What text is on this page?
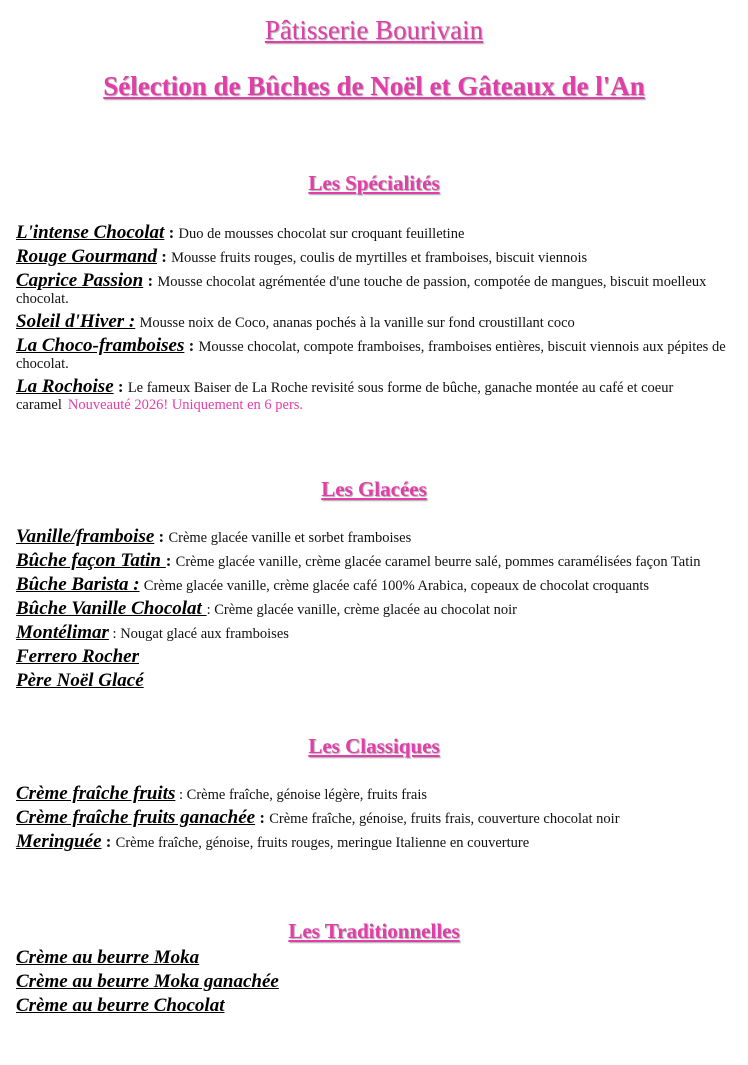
Pâtisserie Bourivain
Sélection de Bûches de Noël et Gâteaux de l'An
Les Spécialités

L'intense Chocolat : Duo de mousses chocolat sur croquant feuilletine

Rouge Gourmand : Mousse fruits rouges, coulis de myrtilles et framboises, biscuit viennois

Caprice Passion : Mousse chocolat agrémentée d'une touche de passion, compotée de mangues, biscuit moelleux chocolat.

Soleil d'Hiver : Mousse noix de Coco, ananas pochés à la vanille sur fond croustillant coco

La Choco-framboises : Mousse chocolat, compote framboises, framboises entières, biscuit viennois aux pépites de chocolat.

La Rochoise : Le fameux Baiser de La Roche revisité sous forme de bûche, ganache montée au café et coeur caramel Nouveauté 2026! Uniquement en 6 pers.

Les Glacées

Vanille/framboise : Crème glacée vanille et sorbet framboises

Bûche façon Tatin : Crème glacée vanille, crème glacée caramel beurre salé, pommes caramélisées façon Tatin

Bûche Barista : Crème glacée vanille, crème glacée café 100% Arabica, copeaux de chocolat croquants

Bûche Vanille Chocolat : Crème glacée vanille, crème glacée au chocolat noir

Montélimar : Nougat glacé aux framboises

Ferrero Rocher

Père Noël Glacé

Les Classiques

Crème fraîche fruits : Crème fraîche, génoise légère, fruits frais

Crème fraîche fruits ganachée : Crème fraîche, génoise, fruits frais, couverture chocolat noir

Meringuée : Crème fraîche, génoise, fruits rouges, meringue Italienne en couverture

Les Traditionnelles

Crème au beurre Moka

Crème au beurre Moka ganachée

Crème au beurre Chocolat
